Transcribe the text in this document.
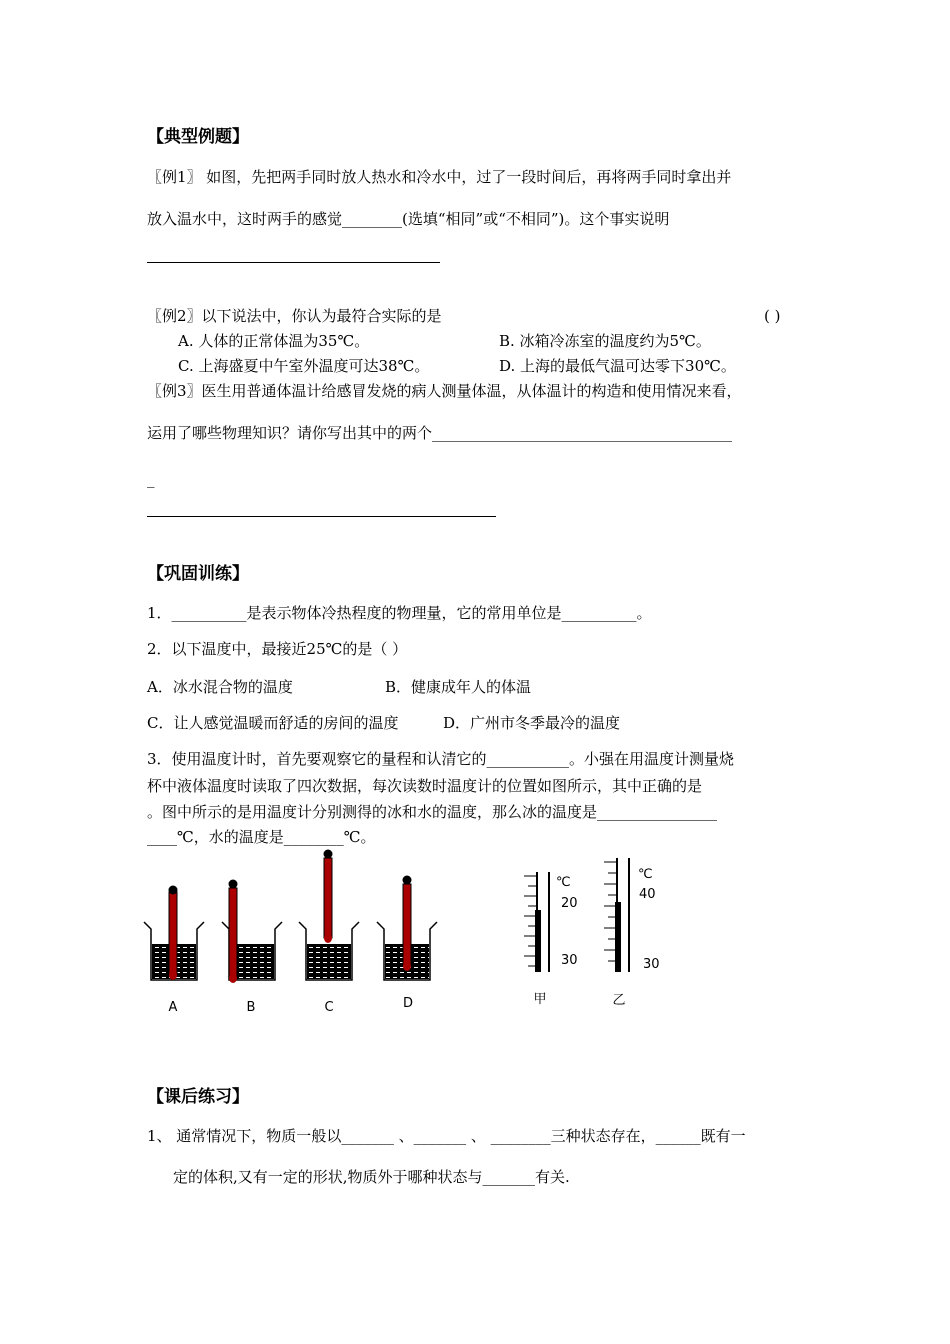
【典型例题】
〖例1〗 如图，先把两手同时放人热水和冷水中，过了一段时间后，再将两手同时拿出并
放入温水中，这时两手的感觉________(选填“相同”或“不相同”)。这个事实说明
〖例2〗以下说法中，你认为最符合实际的是	( )
A. 人体的正常体温为35℃。	B. 冰箱冷冻室的温度约为5℃。
C. 上海盛夏中午室外温度可达38℃。	D. 上海的最低气温可达零下30℃。
〖例3〗医生用普通体温计给感冒发烧的病人测量体温，从体温计的构造和使用情况来看，
运用了哪些物理知识？请你写出其中的两个________________________________________
_
【巩固训练】
1．__________是表示物体冷热程度的物理量，它的常用单位是__________。
2．以下温度中，最接近25℃的是（ ）
A．冰水混合物的温度	B．健康成年人的体温
C．让人感觉温暖而舒适的房间的温度	D．广州市冬季最冷的温度
3．使用温度计时，首先要观察它的量程和认清它的___________。小强在用温度计测量烧
杯中液体温度时读取了四次数据，每次读数时温度计的位置如图所示，其中正确的是
。图中所示的是用温度计分别测得的冰和水的温度，那么冰的温度是________________
____℃，水的温度是________℃。
A	B	C	D
℃
20
30
甲
℃
40
30
乙
【课后练习】
1、 通常情况下，物质一般以_______ 、_______ 、 ________三种状态存在，______既有一
定的体积,又有一定的形状,物质外于哪种状态与_______有关.
